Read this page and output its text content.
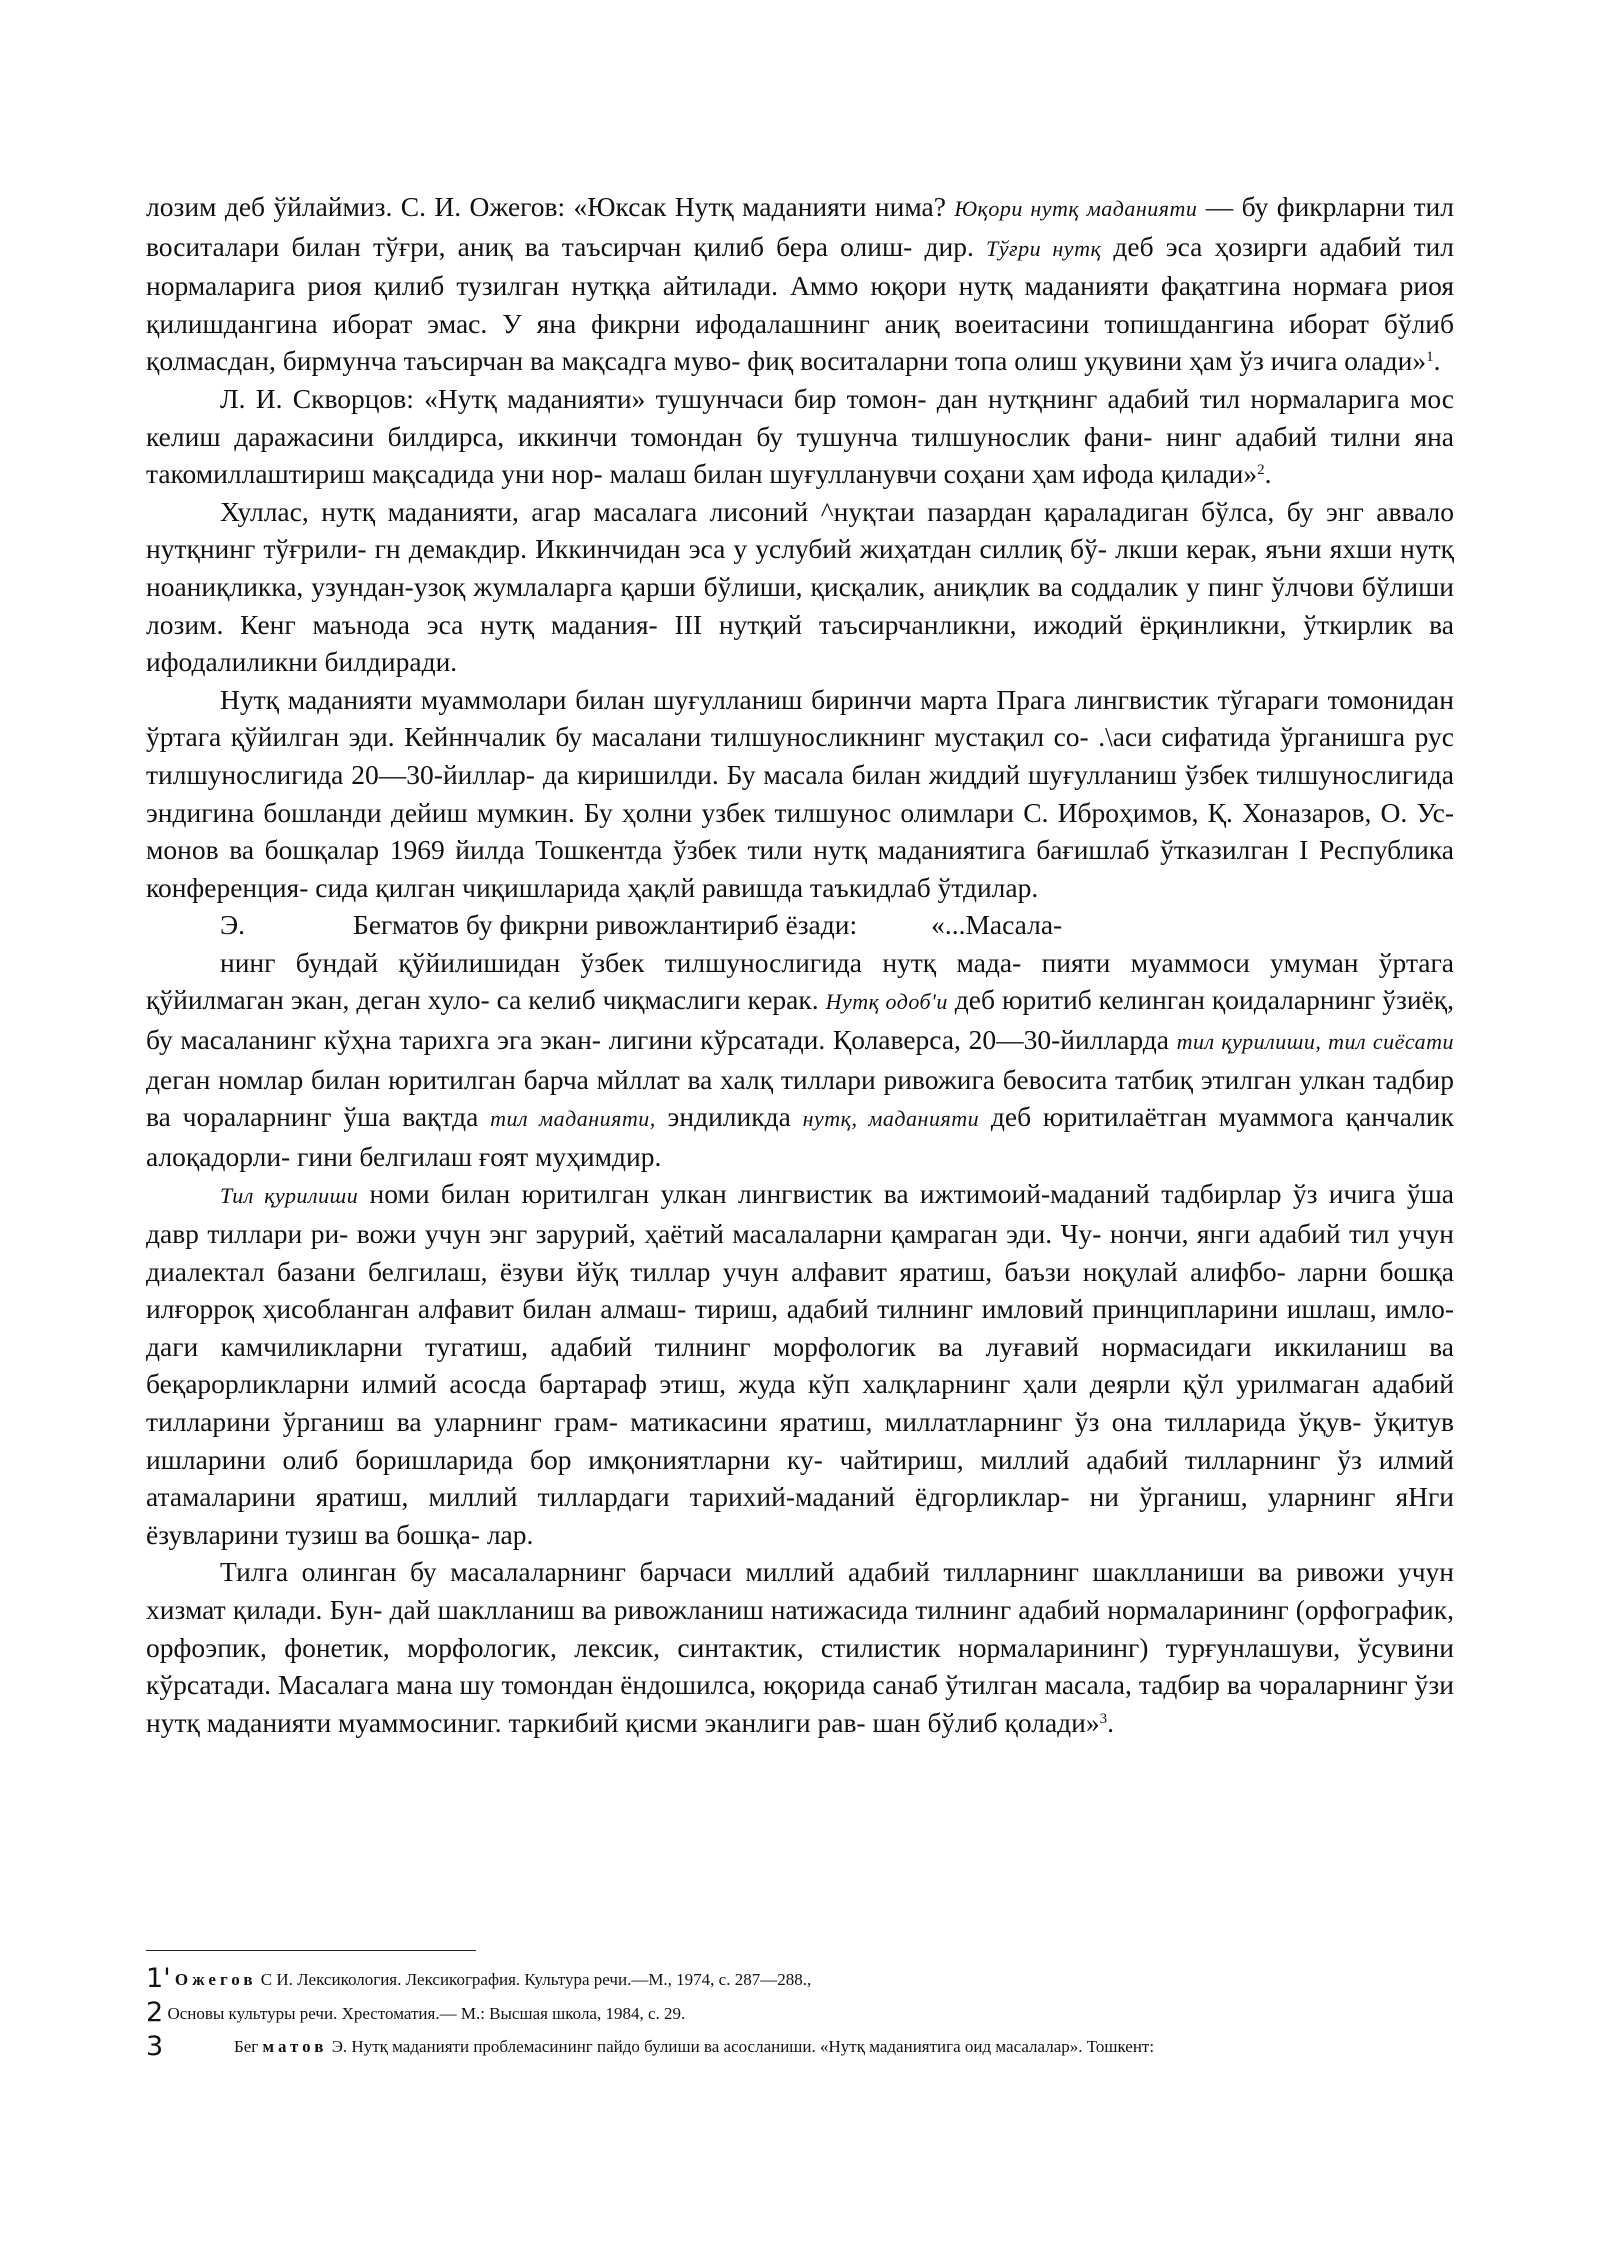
лозим деб ўйлаймиз. С. И. Ожегов: «Юксак Нутқ маданияти нима? Юқори нутқ маданияти — бу фикрларни тил воситалари билан тўғри, аниқ ва таъсирчан қилиб бера олиш- дир. Тўғри нутқ деб эса ҳозирги адабий тил нормаларига риоя қилиб тузилган нутққа айтилади. Аммо юқори нутқ маданияти фақатгина нормаға риоя қилишдангина иборат эмас. У яна фикрни ифодалашнинг аниқ воеитасини топишдангина иборат бўлиб қолмасдан, бирмунча таъсирчан ва мақсадга муво- фиқ воситаларни топа олиш уқувини ҳам ўз ичига олади»$^1$.

Л. И. Скворцов: «Нутқ маданияти» тушунчаси бир томон- дан нутқнинг адабий тил нормаларига мос келиш даражасини билдирса, иккинчи томондан бу тушунча тилшунослик фани- нинг адабий тилни яна такомиллаштириш мақсадида уни нор- малаш билан шуғулланувчи соҳани ҳам ифода қилади»$^2$.

Хуллас, нутқ маданияти, агар масалага лисоний ^нуқтаи пазардан қараладиган бўлса, бу энг аввало нутқнинг тўғрили- гн демакдир. Иккинчидан эса у услубий жиҳатдан силлиқ бў- лкши керак, яъни яхши нутқ ноаниқликка, узундан-узоқ жумлаларга қарши бўлиши, қисқалик, аниқлик ва соддалик у пинг ўлчови бўлиши лозим. Кенг маънода эса нутқ мадания- III нутқий таъсирчанликни, ижодий ёрқинликни, ўткирлик ва ифодалиликни билдиради.

Нутқ маданияти муаммолари билан шуғулланиш биринчи марта Прага лингвистик тўгараги томонидан ўртага қўйилган эди. Кейннчалик бу масалани тилшуносликнинг мустақил со- .\аси сифатида ўрганишга рус тилшунослигида 20—30-йиллар- да киришилди. Бу масала билан жиддий шуғулланиш ўзбек тилшунослигида эндигина бошланди дейиш мумкин. Бу ҳолни узбек тилшунос олимлари С. Иброҳимов, Қ. Хоназаров, О. Ус- монов ва бошқалар 1969 йилда Тошкентда ўзбек тили нутқ маданиятига бағишлаб ўтказилган I Республика конференция- сида қилган чиқишларида ҳақлй равишда таъкидлаб ўтдилар.

Э.	Бегматов бу фикрни ривожлантириб ёзади:	«...Масала-

нинг бундай қўйилишидан ўзбек тилшунослигида нутқ мада- пияти муаммоси умуман ўртага қўйилмаган экан, деган хуло- са келиб чиқмаслиги керак. Нутқ одоб'и деб юритиб келинган қоидаларнинг ўзиёқ, бу масаланинг кўҳна тарихга эга экан- лигини кўрсатади. Қолаверса, 20—30-йилларда тил қурилиши, тил сиёсати деган номлар билан юритилган барча мйллат ва халқ тиллари ривожига бевосита татбиқ этилган улкан тадбир ва чораларнинг ўша вақтда тил маданияти, эндиликда нутқ, маданияти деб юритилаётган муаммога қанчалик алоқадорли- гини белгилаш ғоят муҳимдир.

Тил қурилиши номи билан юритилган улкан лингвистик ва ижтимоий-маданий тадбирлар ўз ичига ўша давр тиллари ри- вожи учун энг зарурий, ҳаётий масалаларни қамраган эди. Чу- нончи, янги адабий тил учун диалектал базани белгилаш, ёзуви йўқ тиллар учун алфавит яратиш, баъзи ноқулай алифбо- ларни бошқа илғорроқ ҳисобланган алфавит билан алмаш- тириш, адабий тилнинг имловий принципларини ишлаш, имло- даги камчиликларни тугатиш, адабий тилнинг морфологик ва луғавий нормасидаги иккиланиш ва беқарорликларни илмий асосда бартараф этиш, жуда кўп халқларнинг ҳали деярли қўл урилмаган адабий тилларини ўрганиш ва уларнинг грам- матикасини яратиш, миллатларнинг ўз она тилларида ўқув- ўқитув ишларини олиб боришларида бор имқониятларни ку- чайтириш, миллий адабий тилларнинг ўз илмий атамаларини яратиш, миллий тиллардаги тарихий-маданий ёдгорликлар- ни ўрганиш, уларнинг яНги ёзувларини тузиш ва бошқа- лар.

Тилга олинган бу масалаларнинг барчаси миллий адабий тилларнинг шаклланиши ва ривожи учун хизмат қилади. Бун- дай шаклланиш ва ривожланиш натижасида тилнинг адабий нормаларининг (орфографик, орфоэпик, фонетик, морфологик, лексик, синтактик, стилистик нормаларининг) турғунлашуви, ўсувини кўрсатади. Масалага мана шу томондан ёндошилса, юқорида санаб ўтилган масала, тадбир ва чораларнинг ўзи нутқ маданияти муаммосиниг. таркибий қисми эканлиги рав- шан бўлиб қолади»$^3$.

1' Ожегов С И. Лексикология. Лексикография. Культура речи.—М., 1974, с. 287—288.,
2 Основы культуры речи. Хрестоматия.— М.: Высшая школа, 1984, с. 29.
3	Бег матов Э. Нутқ маданияти проблемасининг пайдо булиши ва асосланиши. «Нутқ маданиятига оид масалалар». Тошкент:
